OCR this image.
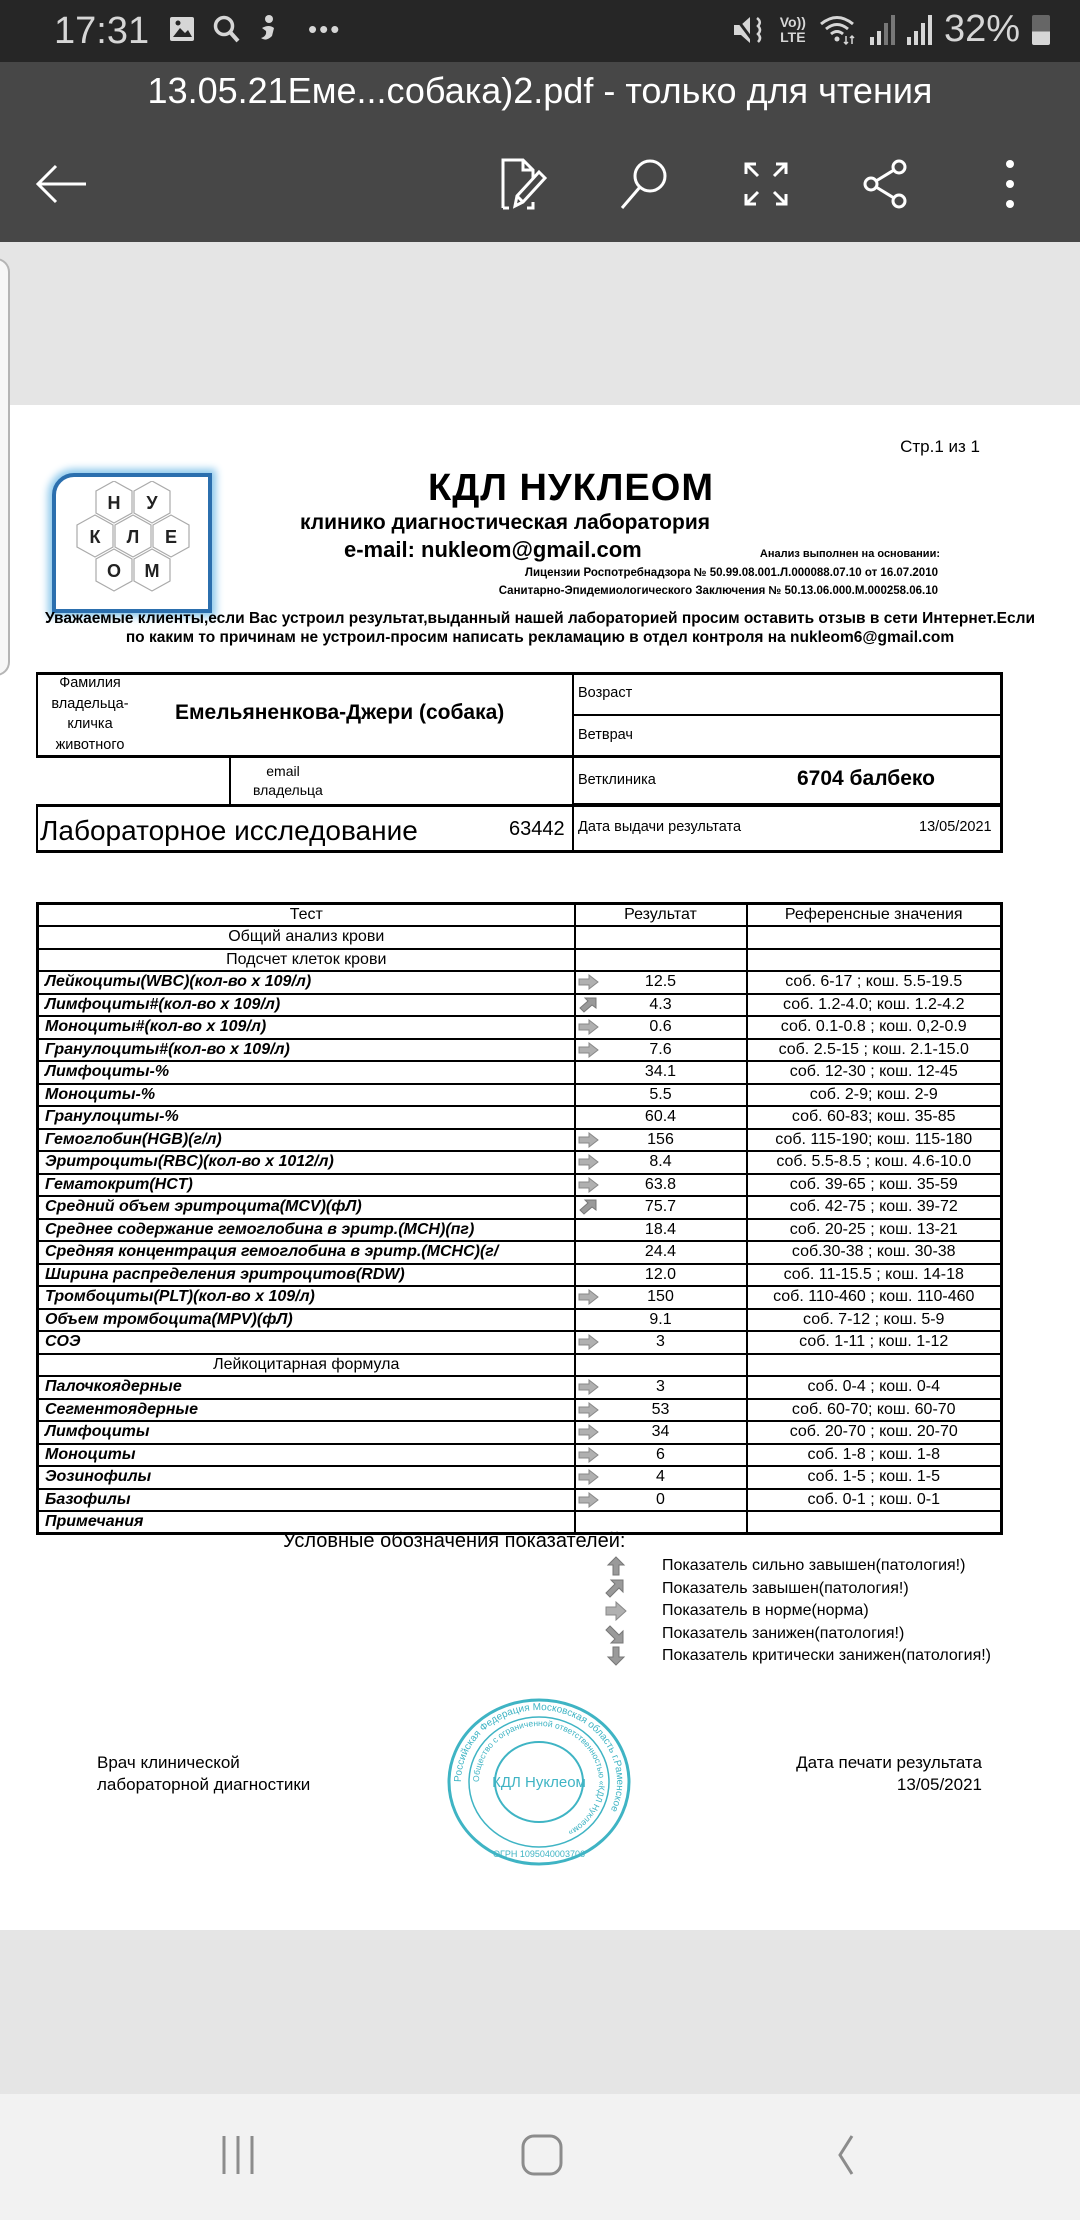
17:31	•••	Vo))
LTE	32%
13.05.21Еме...собака)2.pdf - только для чтения
Стр.1 из 1
Н У
К Л Е
О М
КДЛ НУКЛЕОМ
клинико диагностическая лаборатория
e-mail: nukleom@gmail.com	Анализ выполнен на основании:
Лицензии Роспотребнадзора № 50.99.08.001.Л.000088.07.10 от 16.07.2010
Санитарно-Эпидемиологического Заключения № 50.13.06.000.М.000258.06.10
Уважаемые клиенты,если Вас устроил результат,выданный нашей лабораторией просим оставить отзыв в сети Интернет.Если по каким то причинам не устроил-просим написать рекламацию в отдел контроля на nukleom6@gmail.com
Фамилия владельца- кличка животного
Емельяненкова-Джери (собака)
Возраст
Ветврач
email владельца
Ветклиника	6704 балбеко
Лабораторное исследование	63442 Дата выдачи результата	13/05/2021
Тест	Результат	Референсные значения
Общий анализ крови		
Подсчет клеток крови		
Лейкоциты(WBC)(кол-во х 109/л)	12.5	соб. 6-17 ; кош. 5.5-19.5
Лимфоциты#(кол-во х 109/л)	4.3	соб. 1.2-4.0; кош. 1.2-4.2
Моноциты#(кол-во х 109/л)	0.6	соб. 0.1-0.8 ; кош. 0,2-0.9
Гранулоциты#(кол-во х 109/л)	7.6	соб. 2.5-15 ; кош. 2.1-15.0
Лимфоциты-%	34.1	соб. 12-30 ; кош. 12-45
Моноциты-%	5.5	соб. 2-9; кош. 2-9
Гранулоциты-%	60.4	соб. 60-83; кош. 35-85
Гемоглобин(HGB)(г/л)	156	соб. 115-190; кош. 115-180
Эритроциты(RBC)(кол-во х 1012/л)	8.4	соб. 5.5-8.5 ; кош. 4.6-10.0
Гематокрит(HCT)	63.8	соб. 39-65 ; кош. 35-59
Средний объем эритроцита(MCV)(фЛ)	75.7	соб. 42-75 ; кош. 39-72
Среднее содержание гемоглобина в эритр.(MCH)(пг)	18.4	соб. 20-25 ; кош. 13-21
Средняя концентрация гемоглобина в эритр.(MCHC)(г/	24.4	соб.30-38 ; кош. 30-38
Ширина распределения эритроцитов(RDW)	12.0	соб. 11-15.5 ; кош. 14-18
Тромбоциты(PLT)(кол-во х 109/л)	150	соб. 110-460 ; кош. 110-460
Объем тромбоцита(MPV)(фЛ)	9.1	соб. 7-12 ; кош. 5-9
СОЭ	3	соб. 1-11 ; кош. 1-12
Лейкоцитарная формула		
Палочкоядерные	3	соб. 0-4 ; кош. 0-4
Сегментоядерные	53	соб. 60-70; кош. 60-70
Лимфоциты	34	соб. 20-70 ; кош. 20-70
Моноциты	6	соб. 1-8 ; кош. 1-8
Эозинофилы	4	соб. 1-5 ; кош. 1-5
Базофилы	0	соб. 0-1 ; кош. 0-1
Примечания		
Условные обозначения показателей:
Показатель сильно завышен(патология!)
Показатель завышен(патология!)
Показатель в норме(норма)
Показатель занижен(патология!)
Показатель критически занижен(патология!)
Врач клинической
лабораторной диагностики	Российская Федерация Московская область г.Раменское
Общество с ограниченной ответственностью «КДЛ Нуклеом»
КДЛ Нуклеом
ОГРН 1095040003706
Дата печати результата
13/05/2021
